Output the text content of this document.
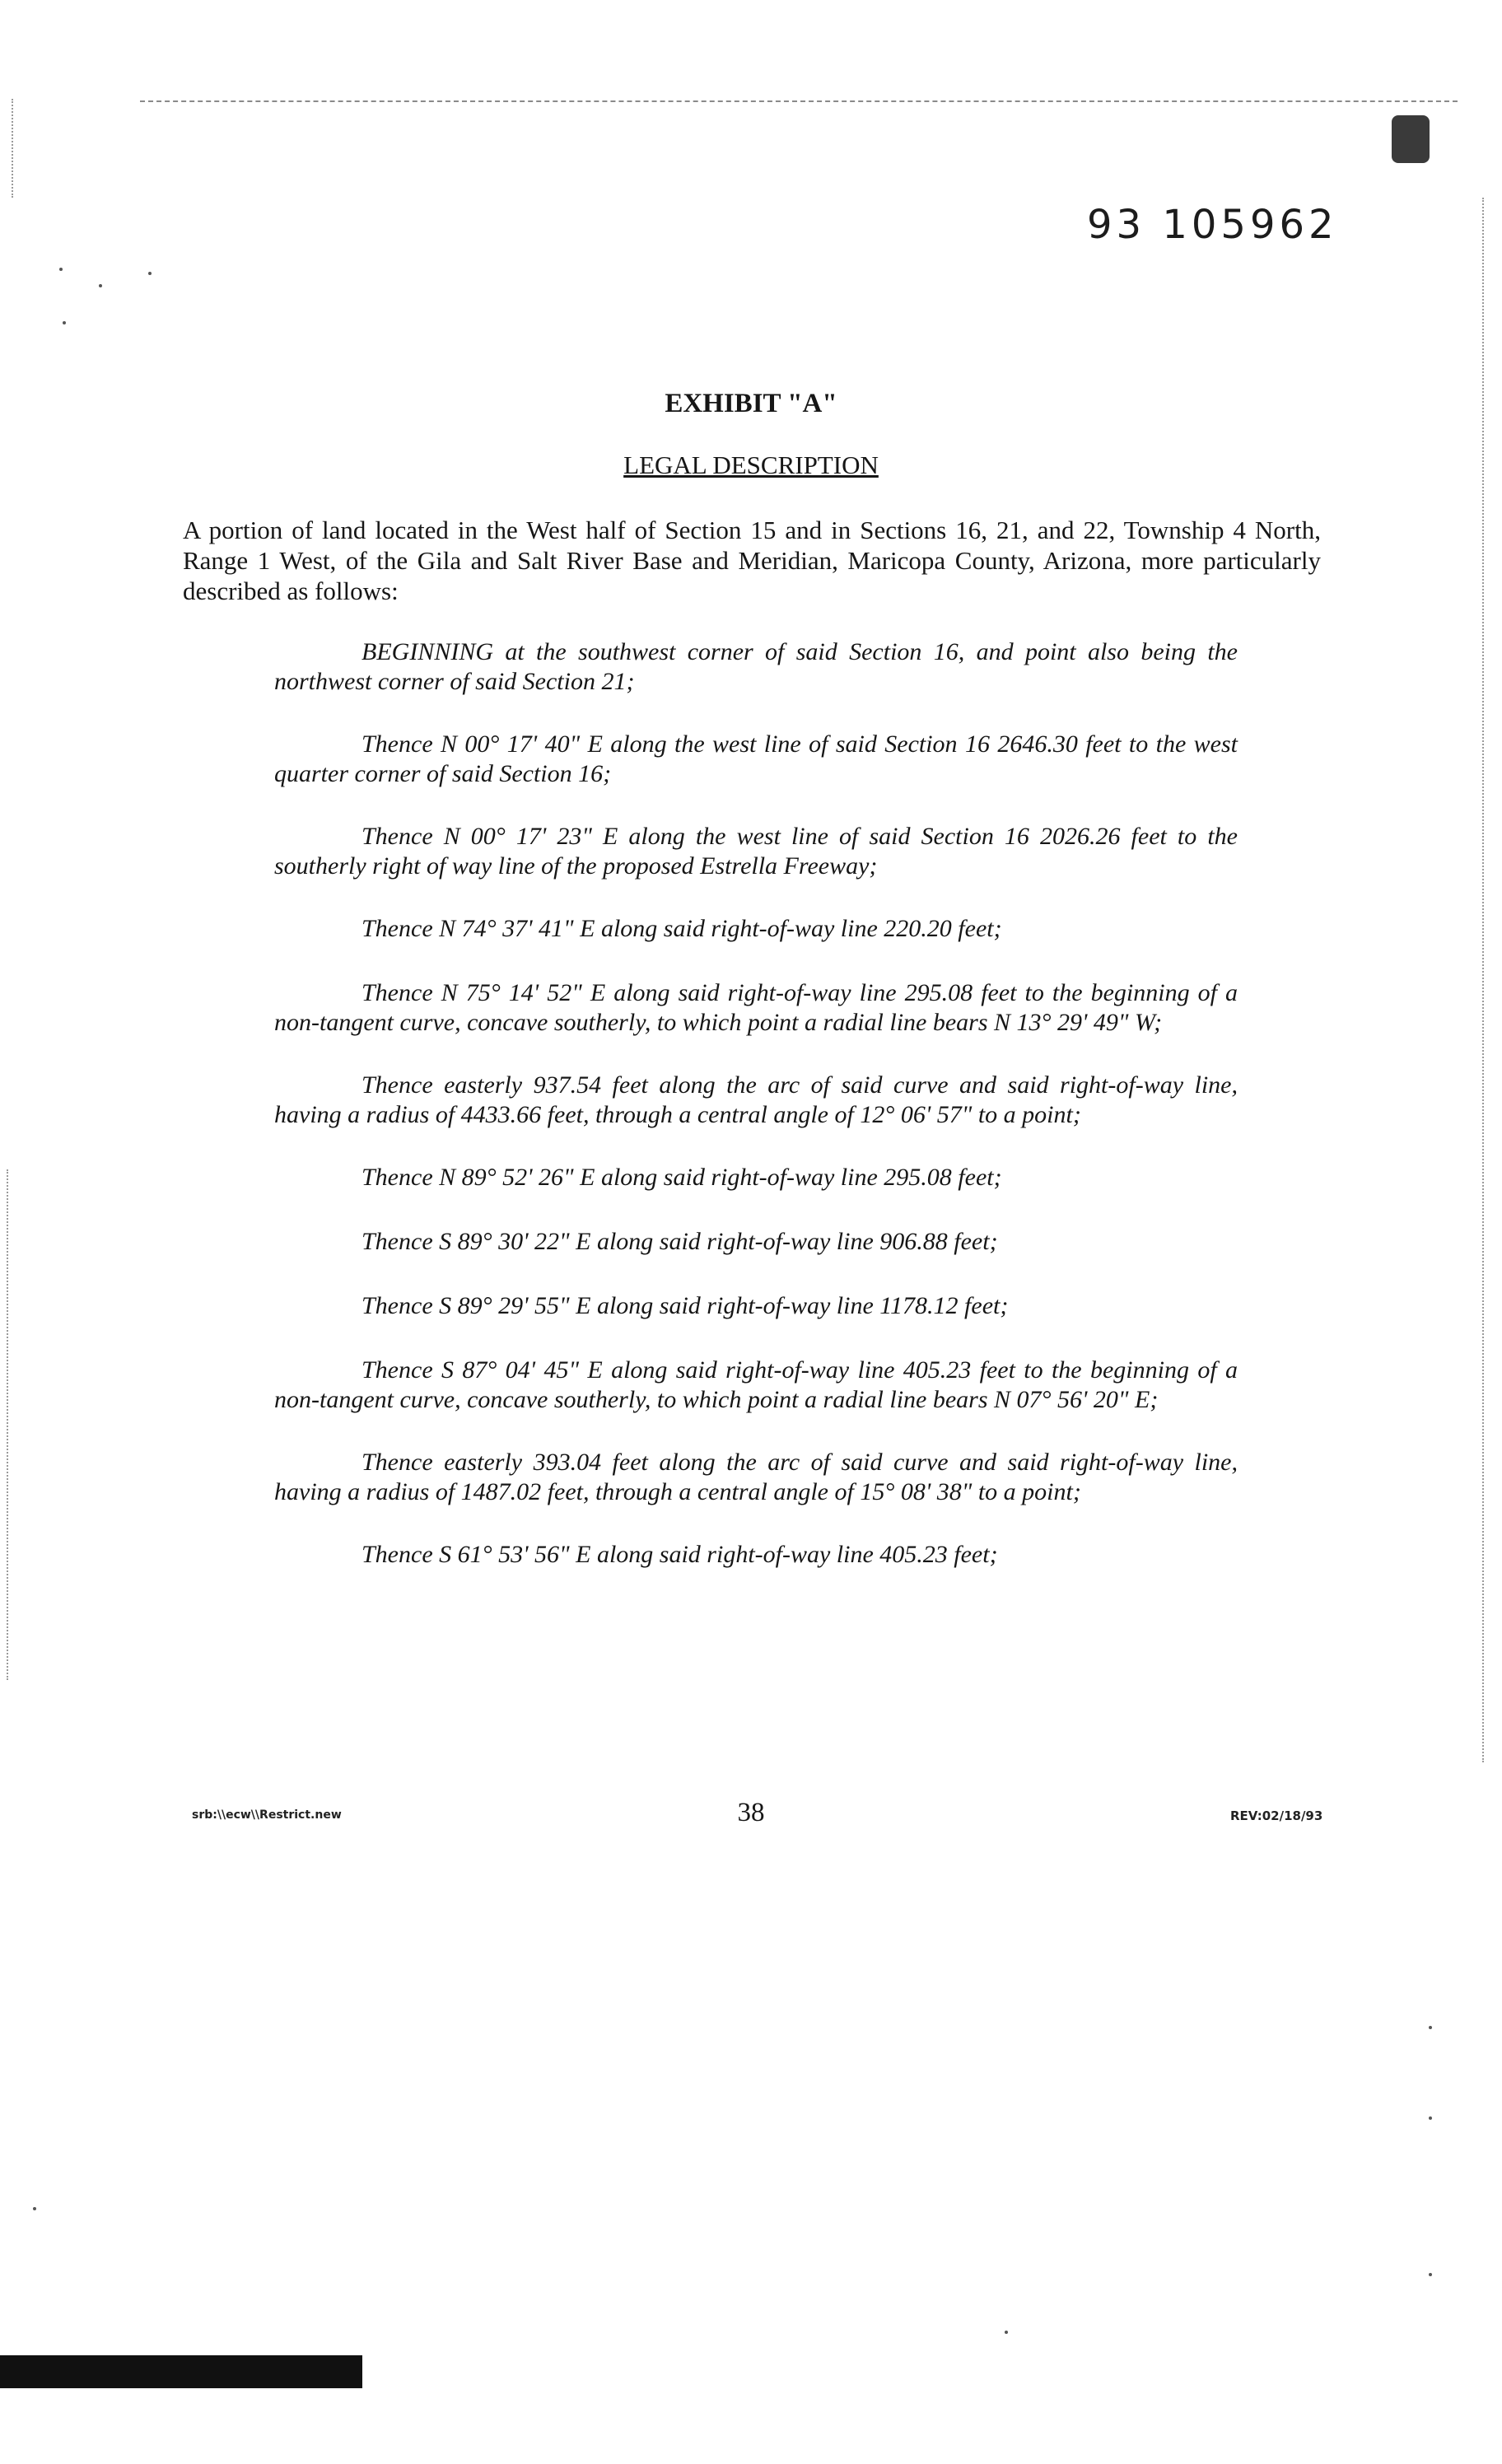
93 105962
EXHIBIT "A"
LEGAL DESCRIPTION

A portion of land located in the West half of Section 15 and in Sections 16, 21, and 22, Township 4 North, Range 1 West, of the Gila and Salt River Base and Meridian, Maricopa County, Arizona, more particularly described as follows:

BEGINNING at the southwest corner of said Section 16, and point also being the northwest corner of said Section 21;

Thence N 00° 17' 40" E along the west line of said Section 16 2646.30 feet to the west quarter corner of said Section 16;

Thence N 00° 17' 23" E along the west line of said Section 16 2026.26 feet to the southerly right of way line of the proposed Estrella Freeway;

Thence N 74° 37' 41" E along said right-of-way line 220.20 feet;

Thence N 75° 14' 52" E along said right-of-way line 295.08 feet to the beginning of a non-tangent curve, concave southerly, to which point a radial line bears N 13° 29' 49" W;

Thence easterly 937.54 feet along the arc of said curve and said right-of-way line, having a radius of 4433.66 feet, through a central angle of 12° 06' 57" to a point;

Thence N 89° 52' 26" E along said right-of-way line 295.08 feet;

Thence S 89° 30' 22" E along said right-of-way line 906.88 feet;

Thence S 89° 29' 55" E along said right-of-way line 1178.12 feet;

Thence S 87° 04' 45" E along said right-of-way line 405.23 feet to the beginning of a non-tangent curve, concave southerly, to which point a radial line bears N 07° 56' 20" E;

Thence easterly 393.04 feet along the arc of said curve and said right-of-way line, having a radius of 1487.02 feet, through a central angle of 15° 08' 38" to a point;

Thence S 61° 53' 56" E along said right-of-way line 405.23 feet;

srb:\\ecw\\Restrict.new	38	REV:02/18/93
